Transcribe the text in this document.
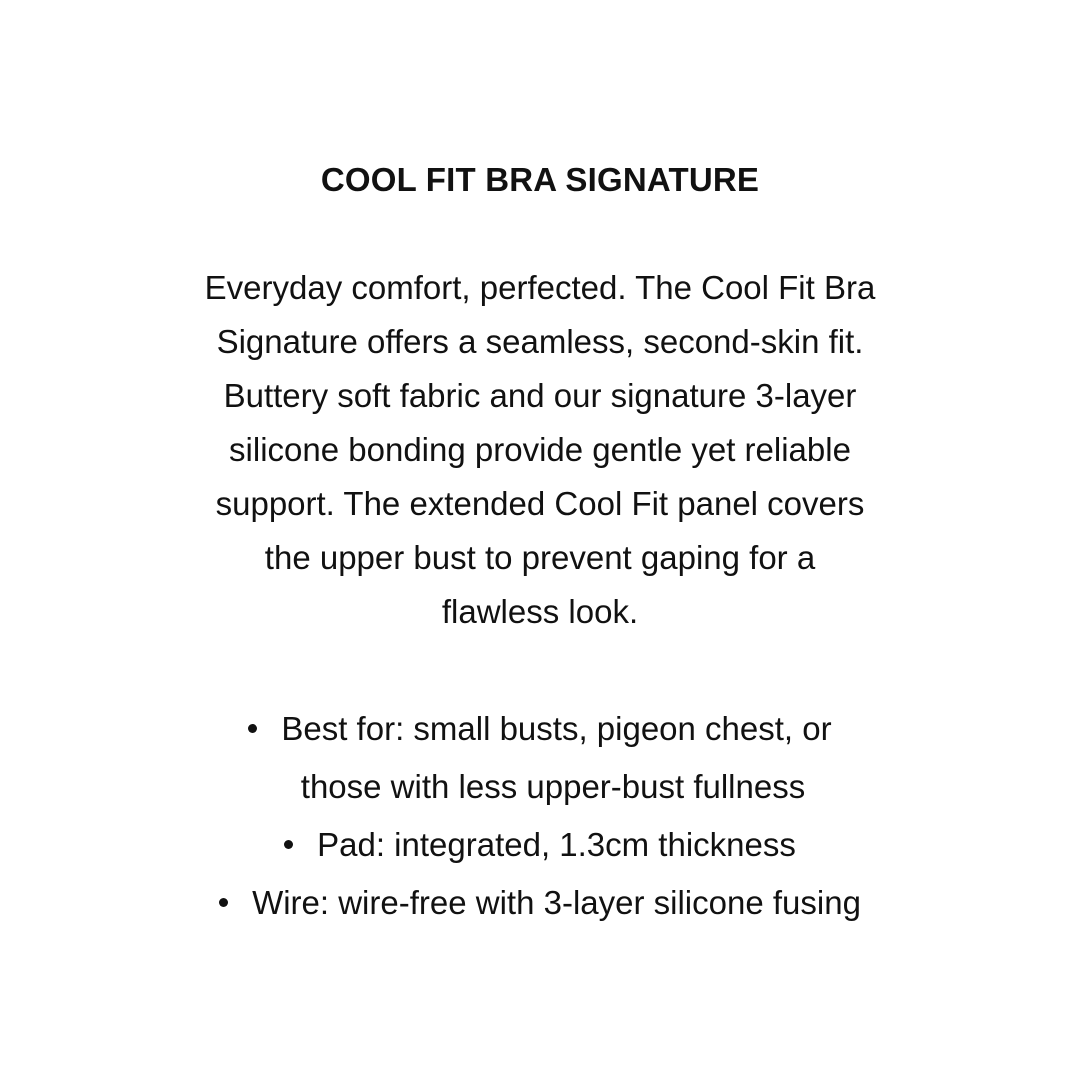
COOL FIT BRA SIGNATURE

Everyday comfort, perfected. The Cool Fit Bra
Signature offers a seamless, second-skin fit.
Buttery soft fabric and our signature 3-layer
silicone bonding provide gentle yet reliable
support. The extended Cool Fit panel covers
the upper bust to prevent gaping for a
flawless look.

Best for: small busts, pigeon chest, or
those with less upper-bust fullness
Pad: integrated, 1.3cm thickness
Wire: wire-free with 3-layer silicone fusing
